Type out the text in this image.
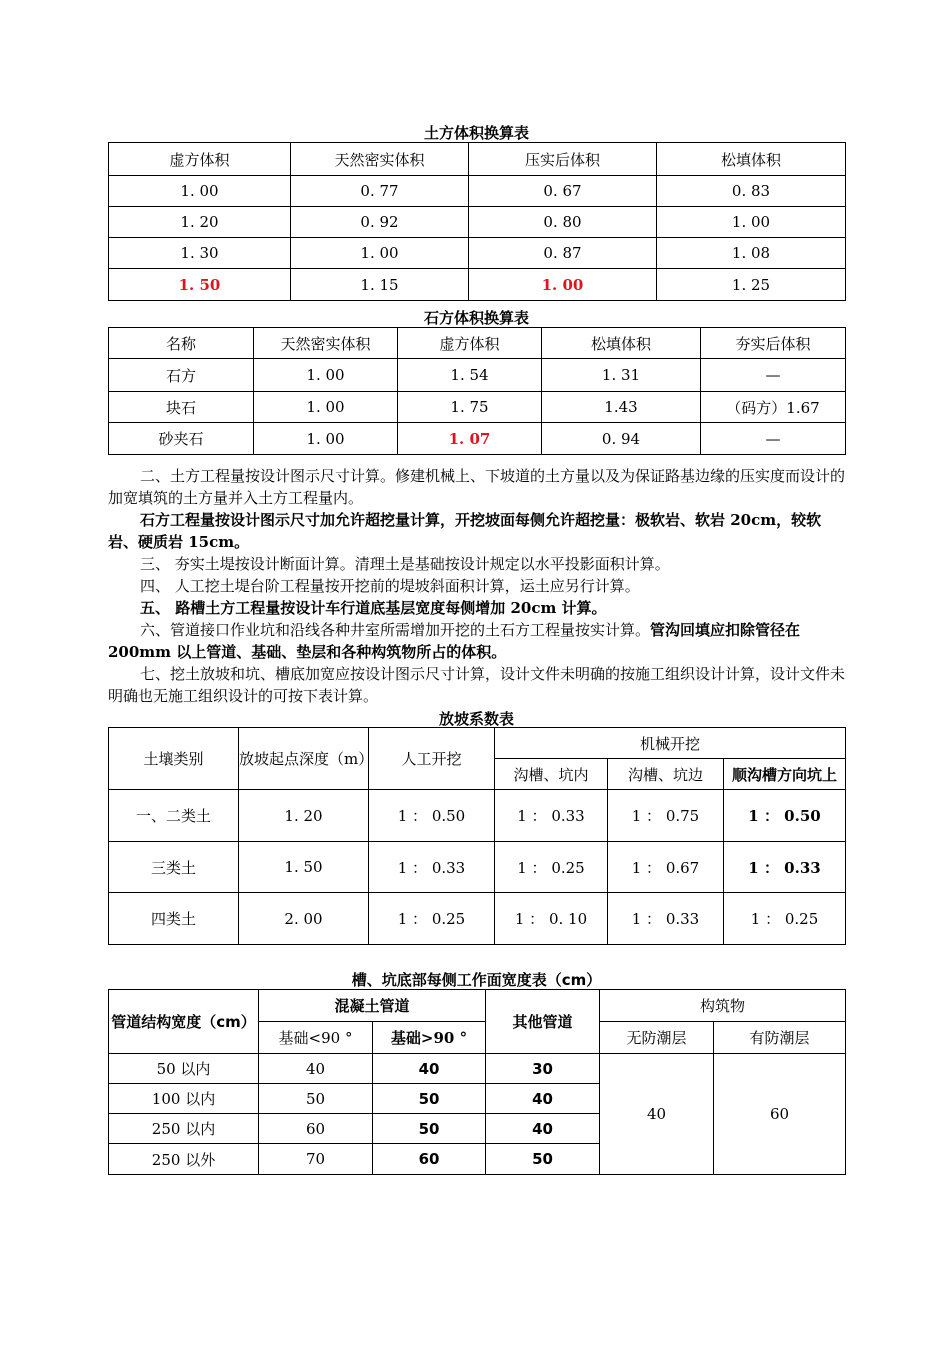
土方体积换算表
虚方体积	天然密实体积	压实后体积	松填体积
1. 00	0. 77	0. 67	0. 83
1. 20	0. 92	0. 80	1. 00
1. 30	1. 00	0. 87	1. 08
1. 50	1. 15	1. 00	1. 25
石方体积换算表
名称	天然密实体积	虚方体积	松填体积	夯实后体积
石方	1. 00	1. 54	1. 31	—
块石	1. 00	1. 75	1.43	（码方）1.67
砂夹石	1. 00	1. 07	0. 94	—
二、土方工程量按设计图示尺寸计算。修建机械上、下坡道的土方量以及为保证路基边缘的压实度而设计的加宽填筑的土方量并入土方工程量内。
石方工程量按设计图示尺寸加允许超挖量计算，开挖坡面每侧允许超挖量：极软岩、软岩 20cm，较软岩、硬质岩 15cm。
三、 夯实土堤按设计断面计算。清理土是基础按设计规定以水平投影面积计算。
四、 人工挖土堤台阶工程量按开挖前的堤坡斜面积计算，运土应另行计算。
五、 路槽土方工程量按设计车行道底基层宽度每侧增加 20cm 计算。
六、管道接口作业坑和沿线各种井室所需增加开挖的土石方工程量按实计算。管沟回填应扣除管径在 200mm 以上管道、基础、垫层和各种构筑物所占的体积。
七、挖土放坡和坑、槽底加宽应按设计图示尺寸计算，设计文件未明确的按施工组织设计计算，设计文件未明确也无施工组织设计的可按下表计算。
放坡系数表
土壤类别	放坡起点深度（m）	人工开挖	机械开挖		
			沟槽、坑内	沟槽、坑边	顺沟槽方向坑上
一、二类土	1. 20	1 ： 0.50	1 ： 0.33	1 ： 0.75	1 ： 0.50
三类土	1. 50	1 ： 0.33	1 ： 0.25	1 ： 0.67	1 ： 0.33
四类土	2. 00	1 ： 0.25	1 ： 0. 10	1 ： 0.33	1 ： 0.25
槽、坑底部每侧工作面宽度表（cm）
管道结构宽度（cm）	混凝土管道		其他管道	构筑物	
	基础<90 °	基础>90 °		无防潮层	有防潮层
50 以内	40	40	30	40	60
100 以内	50	50	40		
250 以内	60	50	40		
250 以外	70	60	50		
